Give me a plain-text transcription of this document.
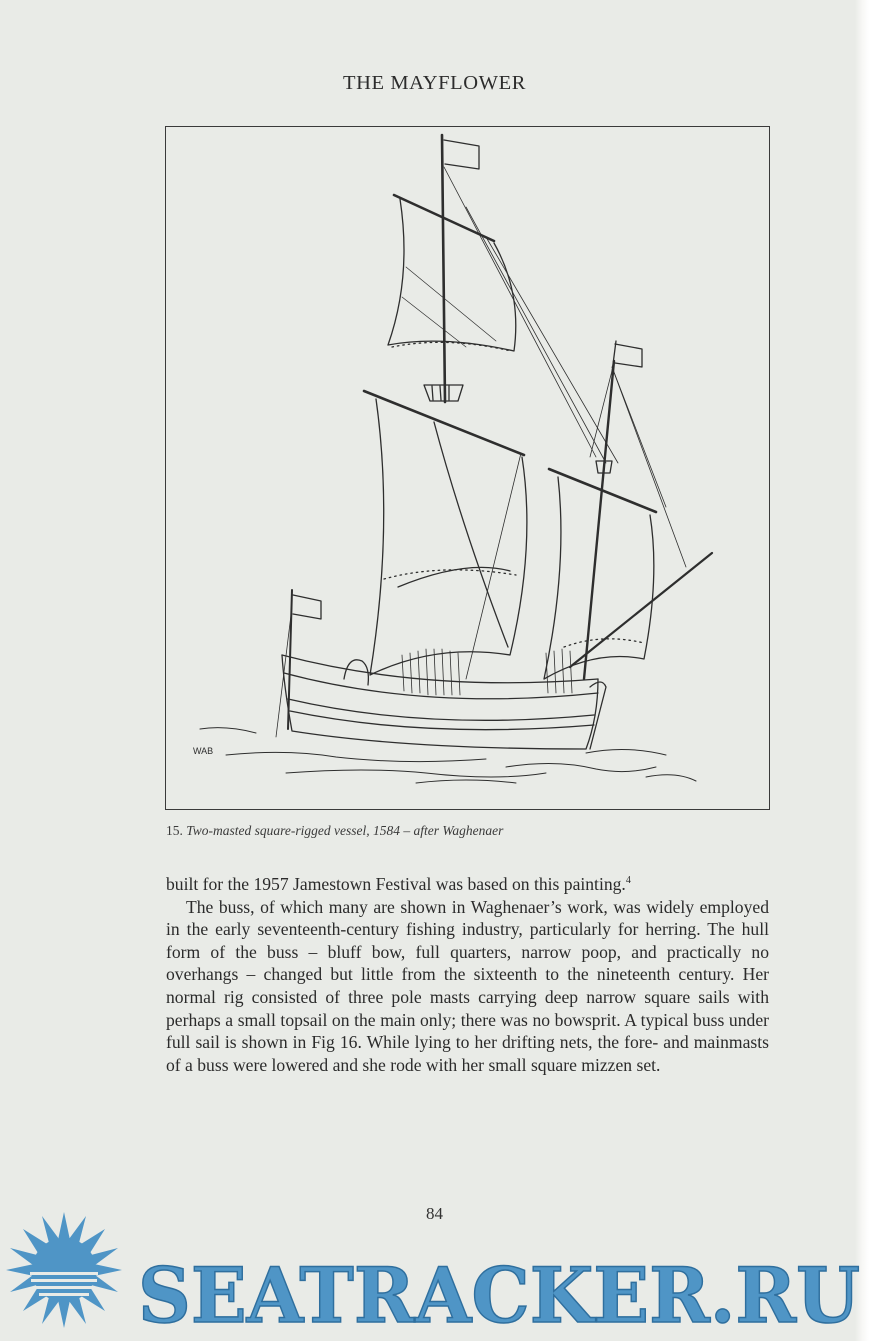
THE MAYFLOWER
WAB
15. Two-masted square-rigged vessel, 1584 – after Waghenaer

built for the 1957 Jamestown Festival was based on this painting.$^4$

The buss, of which many are shown in Waghenaer’s work, was widely employed in the early seventeenth-century fishing industry, particularly for herring. The hull form of the buss – bluff bow, full quarters, narrow poop, and practically no overhangs – changed but little from the sixteenth to the nineteenth century. Her normal rig consisted of three pole masts carrying deep narrow square sails with perhaps a small topsail on the main only; there was no bowsprit. A typical buss under full sail is shown in Fig 16. While lying to her drifting nets, the fore- and mainmasts of a buss were lowered and she rode with her small square mizzen set.

84
SEATRACKER.RU
